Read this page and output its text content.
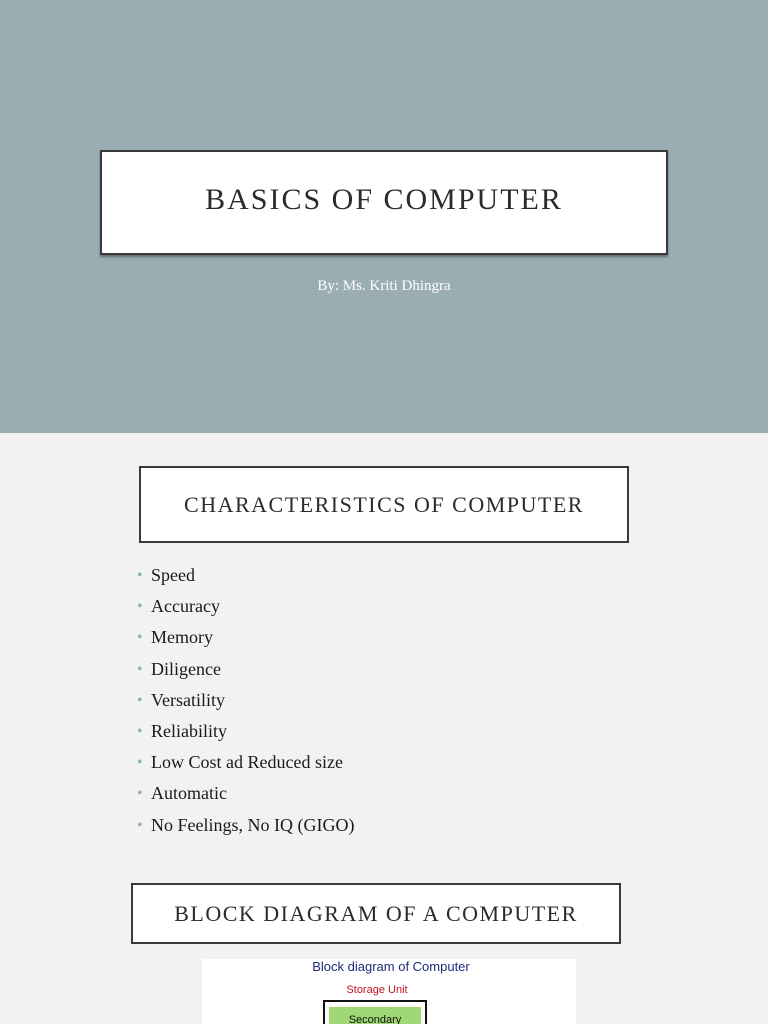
BASICS OF COMPUTER
By: Ms. Kriti Dhingra
CHARACTERISTICS OF COMPUTER
• Speed
• Accuracy
• Memory
• Diligence
• Versatility
• Reliability
• Low Cost ad Reduced size
• Automatic
• No Feelings, No IQ (GIGO)
BLOCK DIAGRAM OF A COMPUTER
Block diagram of Computer
Storage Unit
Secondary
